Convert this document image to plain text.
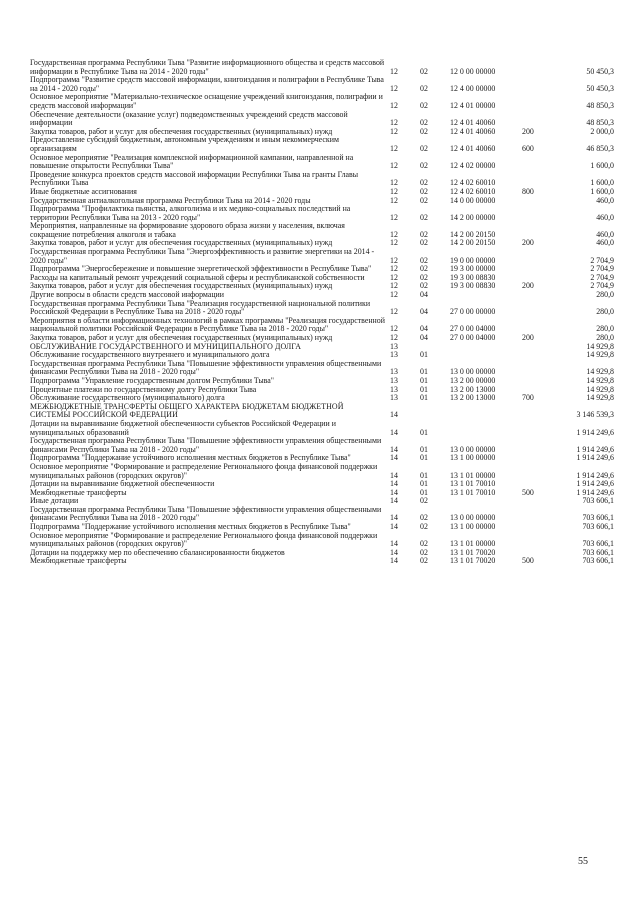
Государственная программа Республики Тыва "Развитие информационного общества и средств массовой информации в Республике Тыва на 2014 - 2020 годы"	12	02	12 0 00 00000		50 450,3
Подпрограмма "Развитие средств массовой информации, книгоиздания и полиграфии в Республике Тыва на 2014 - 2020 годы"	12	02	12 4 00 00000		50 450,3
Основное мероприятие "Материально-техническое оснащение учреждений книгоиздания, полиграфии и средств массовой информации"	12	02	12 4 01 00000		48 850,3
Обеспечение деятельности (оказание услуг) подведомственных учреждений средств массовой информации	12	02	12 4 01 40060		48 850,3
Закупка товаров, работ и услуг для обеспечения государственных (муниципальных) нужд	12	02	12 4 01 40060	200	2 000,0
Предоставление субсидий бюджетным, автономным учреждениям и иным некоммерческим организациям	12	02	12 4 01 40060	600	46 850,3
Основное мероприятие "Реализация комплексной информационной кампании, направленной на повышение открытости Республики Тыва"	12	02	12 4 02 00000		1 600,0
Проведение конкурса проектов средств массовой информации Республики Тыва на гранты Главы Республики Тыва	12	02	12 4 02 60010		1 600,0
Иные бюджетные ассигнования	12	02	12 4 02 60010	800	1 600,0
Государственная антиалкогольная программа Республики Тыва на 2014 - 2020 годы	12	02	14 0 00 00000		460,0
Подпрограмма "Профилактика пьянства, алкоголизма и их медико-социальных последствий на территории Республики Тыва на 2013 - 2020 годы"	12	02	14 2 00 00000		460,0
Мероприятия, направленные на формирование здорового образа жизни у населения, включая сокращение потребления алкоголя и табака	12	02	14 2 00 20150		460,0
Закупка товаров, работ и услуг для обеспечения государственных (муниципальных) нужд	12	02	14 2 00 20150	200	460,0
Государственная программа Республики Тыва "Энергоэффективность и развитие энергетики на 2014 - 2020 годы"	12	02	19 0 00 00000		2 704,9
Подпрограмма "Энергосбережение и повышение энергетической эффективности в Республике Тыва"	12	02	19 3 00 00000		2 704,9
Расходы на капитальный ремонт учреждений социальной сферы и республиканской собственности	12	02	19 3 00 08830		2 704,9
Закупка товаров, работ и услуг для обеспечения государственных (муниципальных) нужд	12	02	19 3 00 08830	200	2 704,9
Другие вопросы в области средств массовой информации	12	04			280,0
Государственная программа Республики Тыва "Реализация государственной национальной политики Российской Федерации в Республике Тыва на 2018 - 2020 годы"	12	04	27 0 00 00000		280,0
Мероприятия в области информационных технологий в рамках программы "Реализация государственной национальной политики Российской Федерации в Республике Тыва на 2018 - 2020 годы"	12	04	27 0 00 04000		280,0
Закупка товаров, работ и услуг для обеспечения государственных (муниципальных) нужд	12	04	27 0 00 04000	200	280,0
ОБСЛУЖИВАНИЕ ГОСУДАРСТВЕННОГО И МУНИЦИПАЛЬНОГО ДОЛГА	13				14 929,8
Обслуживание государственного внутреннего и муниципального долга	13	01			14 929,8
Государственная программа Республики Тыва "Повышение эффективности управления общественными финансами Республики Тыва на 2018 - 2020 годы"	13	01	13 0 00 00000		14 929,8
Подпрограмма "Управление государственным долгом Республики Тыва"	13	01	13 2 00 00000		14 929,8
Процентные платежи по государственному долгу Республики Тыва	13	01	13 2 00 13000		14 929,8
Обслуживание государственного (муниципального) долга	13	01	13 2 00 13000	700	14 929,8
МЕЖБЮДЖЕТНЫЕ ТРАНСФЕРТЫ ОБЩЕГО ХАРАКТЕРА БЮДЖЕТАМ БЮДЖЕТНОЙ СИСТЕМЫ РОССИЙСКОЙ ФЕДЕРАЦИИ	14				3 146 539,3
Дотации на выравнивание бюджетной обеспеченности субъектов Российской Федерации и муниципальных образований	14	01			1 914 249,6
Государственная программа Республики Тыва "Повышение эффективности управления общественными финансами Республики Тыва на 2018 - 2020 годы"	14	01	13 0 00 00000		1 914 249,6
Подпрограмма "Поддержание устойчивого исполнения местных бюджетов в Республике Тыва"	14	01	13 1 00 00000		1 914 249,6
Основное мероприятие "Формирование и распределение Регионального фонда финансовой поддержки муниципальных районов (городских округов)"	14	01	13 1 01 00000		1 914 249,6
Дотации на выравнивание бюджетной обеспеченности	14	01	13 1 01 70010		1 914 249,6
Межбюджетные трансферты	14	01	13 1 01 70010	500	1 914 249,6
Иные дотации	14	02			703 606,1
Государственная программа Республики Тыва "Повышение эффективности управления общественными финансами Республики Тыва на 2018 - 2020 годы"	14	02	13 0 00 00000		703 606,1
Подпрограмма "Поддержание устойчивого исполнения местных бюджетов в Республике Тыва"	14	02	13 1 00 00000		703 606,1
Основное мероприятие "Формирование и распределение Регионального фонда финансовой поддержки муниципальных районов (городских округов)"	14	02	13 1 01 00000		703 606,1
Дотации на поддержку мер по обеспечению сбалансированности бюджетов	14	02	13 1 01 70020		703 606,1
Межбюджетные трансферты	14	02	13 1 01 70020	500	703 606,1
55
